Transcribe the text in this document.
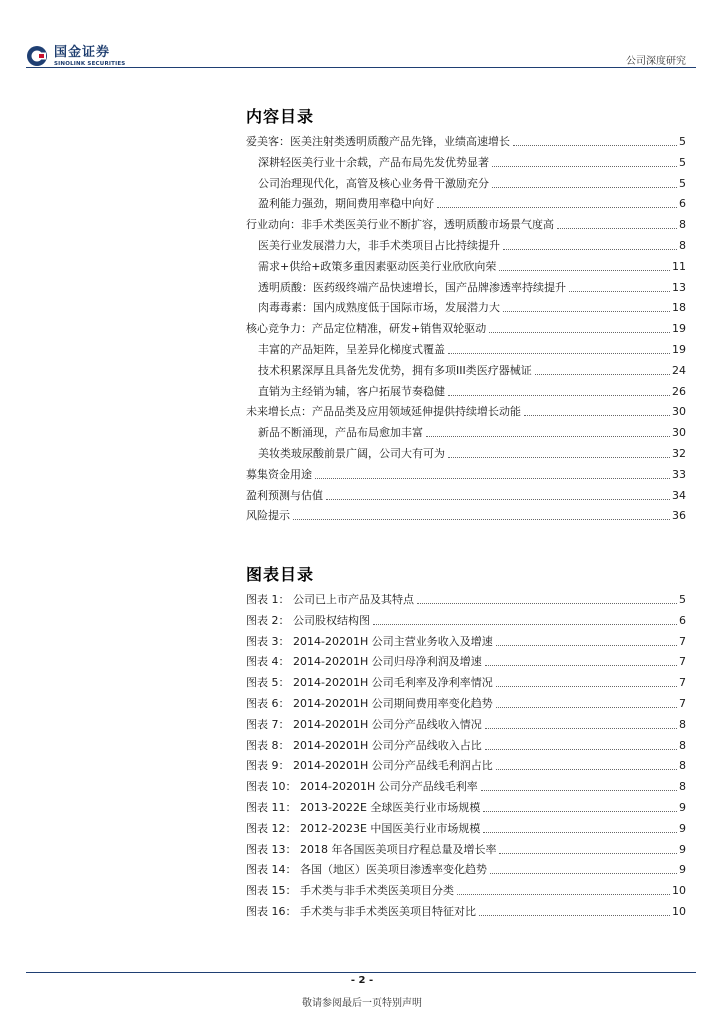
国金证券
SINOLINK SECURITIES	公司深度研究
内容目录
爱美客：医美注射类透明质酸产品先锋，业绩高速增长	5
深耕轻医美行业十余载，产品布局先发优势显著	5
公司治理现代化，高管及核心业务骨干激励充分	5
盈利能力强劲，期间费用率稳中向好	6
行业动向：非手术类医美行业不断扩容，透明质酸市场景气度高	8
医美行业发展潜力大，非手术类项目占比持续提升	8
需求+供给+政策多重因素驱动医美行业欣欣向荣	11
透明质酸：医药级终端产品快速增长，国产品牌渗透率持续提升	13
肉毒毒素：国内成熟度低于国际市场，发展潜力大	18
核心竞争力：产品定位精准，研发+销售双轮驱动	19
丰富的产品矩阵，呈差异化梯度式覆盖	19
技术积累深厚且具备先发优势，拥有多项III类医疗器械证	24
直销为主经销为辅，客户拓展节奏稳健	26
未来增长点：产品品类及应用领域延伸提供持续增长动能	30
新品不断涌现，产品布局愈加丰富	30
美妆类玻尿酸前景广阔，公司大有可为	32
募集资金用途	33
盈利预测与估值	34
风险提示	36
图表目录
图表 1： 公司已上市产品及其特点	5
图表 2： 公司股权结构图	6
图表 3： 2014-20201H 公司主营业务收入及增速	7
图表 4： 2014-20201H 公司归母净利润及增速	7
图表 5： 2014-20201H 公司毛利率及净利率情况	7
图表 6： 2014-20201H 公司期间费用率变化趋势	7
图表 7： 2014-20201H 公司分产品线收入情况	8
图表 8： 2014-20201H 公司分产品线收入占比	8
图表 9： 2014-20201H 公司分产品线毛利润占比	8
图表 10： 2014-20201H 公司分产品线毛利率	8
图表 11： 2013-2022E 全球医美行业市场规模	9
图表 12： 2012-2023E 中国医美行业市场规模	9
图表 13： 2018 年各国医美项目疗程总量及增长率	9
图表 14： 各国（地区）医美项目渗透率变化趋势	9
图表 15： 手术类与非手术类医美项目分类	10
图表 16： 手术类与非手术类医美项目特征对比	10
- 2 -
敬请参阅最后一页特别声明
